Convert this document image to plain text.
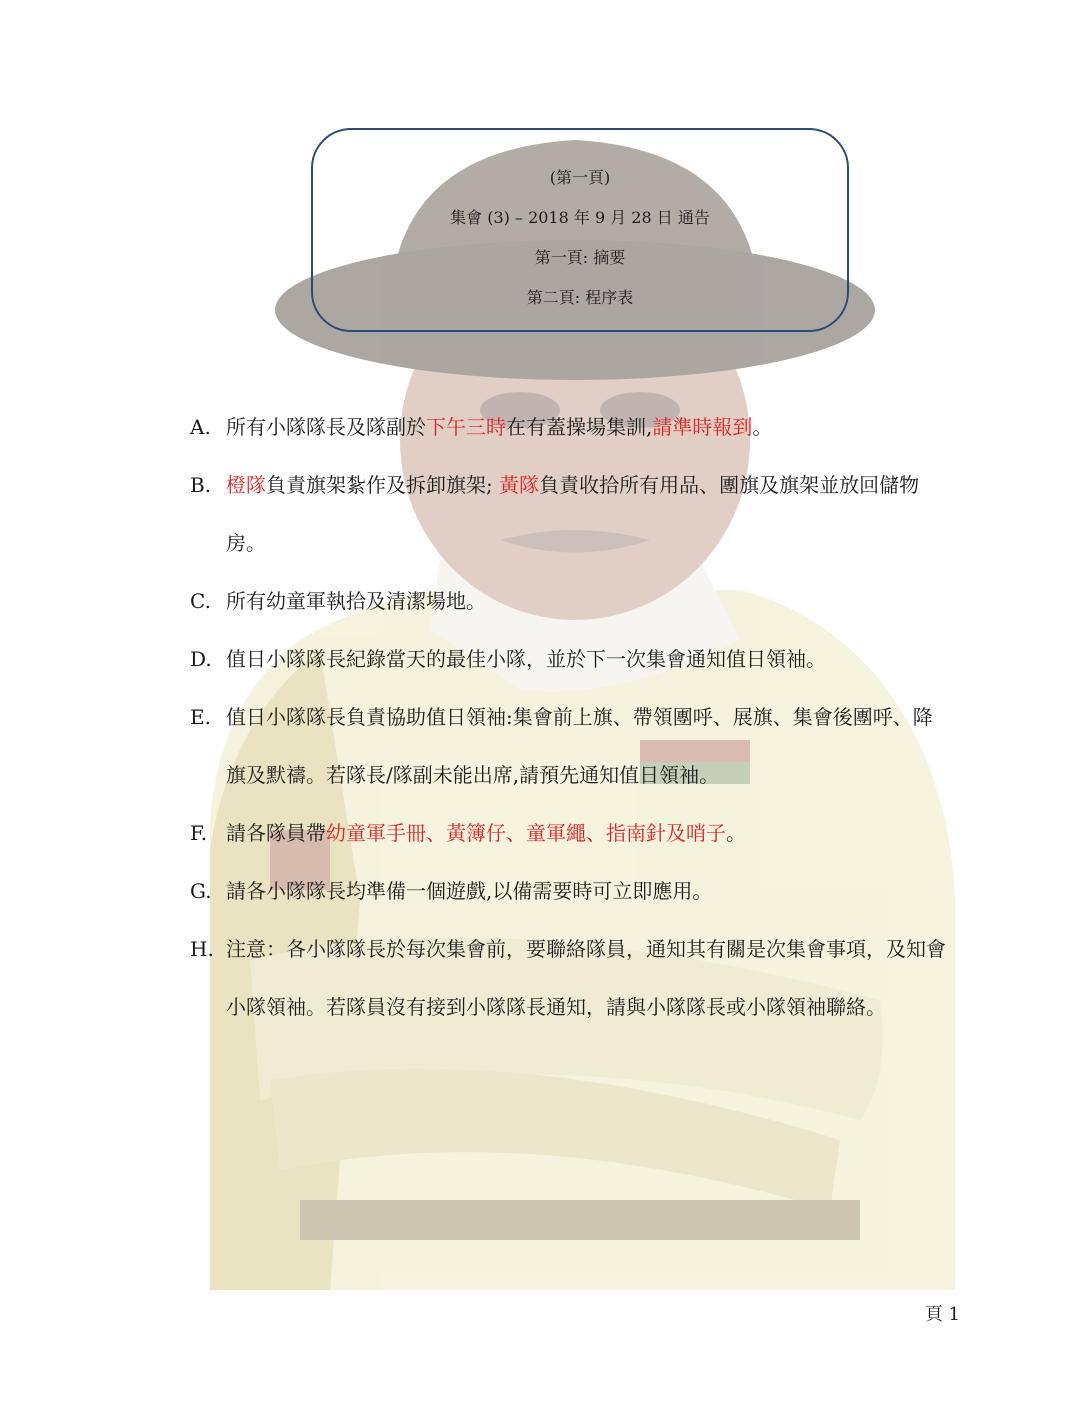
(第一頁)
集會 (3) – 2018 年 9 月 28 日 通告
第一頁: 摘要
第二頁: 程序表
A. 所有小隊隊長及隊副於下午三時在有蓋操場集訓,請準時報到。
B. 橙隊負責旗架紮作及拆卸旗架; 黃隊負責收拾所有用品、團旗及旗架並放回儲物房。
C. 所有幼童軍執拾及清潔場地。
D. 值日小隊隊長紀錄當天的最佳小隊，並於下一次集會通知值日領袖。
E. 值日小隊隊長負責協助值日領袖:集會前上旗、帶領團呼、展旗、集會後團呼、降旗及默禱。若隊長/隊副未能出席,請預先通知值日領袖。
F. 請各隊員帶幼童軍手冊、黃簿仔、童軍繩、指南針及哨子。
G. 請各小隊隊長均準備一個遊戲,以備需要時可立即應用。
H. 注意：各小隊隊長於每次集會前，要聯絡隊員，通知其有關是次集會事項，及知會小隊領袖。若隊員沒有接到小隊隊長通知，請與小隊隊長或小隊領袖聯絡。
頁 1
